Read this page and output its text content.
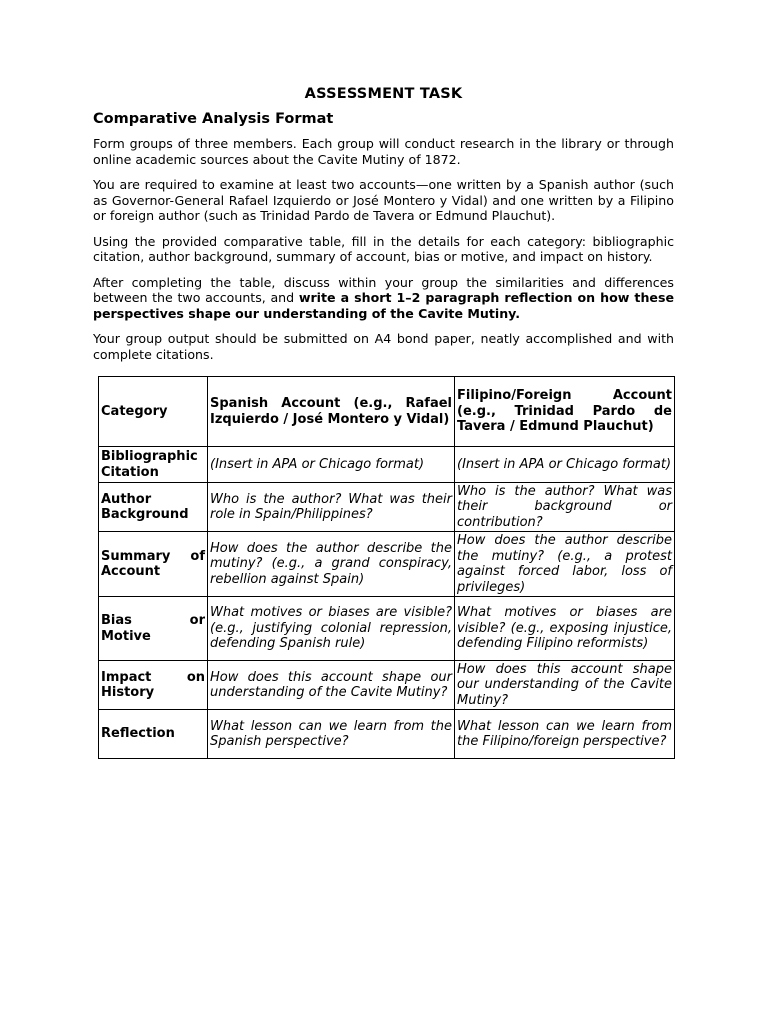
ASSESSMENT TASK
Comparative Analysis Format

Form groups of three members. Each group will conduct research in the library or through online academic sources about the Cavite Mutiny of 1872.

You are required to examine at least two accounts—one written by a Spanish author (such as Governor-General Rafael Izquierdo or José Montero y Vidal) and one written by a Filipino or foreign author (such as Trinidad Pardo de Tavera or Edmund Plauchut).

Using the provided comparative table, fill in the details for each category: bibliographic citation, author background, summary of account, bias or motive, and impact on history.

After completing the table, discuss within your group the similarities and differences between the two accounts, and write a short 1–2 paragraph reflection on how these perspectives shape our understanding of the Cavite Mutiny.

Your group output should be submitted on A4 bond paper, neatly accomplished and with complete citations.

Category	Spanish Account (e.g., Rafael Izquierdo / José Montero y Vidal)	Filipino/Foreign Account (e.g., Trinidad Pardo de Tavera / Edmund Plauchut)
Bibliographic Citation	(Insert in APA or Chicago format)	(Insert in APA or Chicago format)
Author Background	Who is the author? What was their role in Spain/Philippines?	Who is the author? What was their background or contribution?
Summary of Account	How does the author describe the mutiny? (e.g., a grand conspiracy, rebellion against Spain)	How does the author describe the mutiny? (e.g., a protest against forced labor, loss of privileges)
Bias or Motive	What motives or biases are visible? (e.g., justifying colonial repression, defending Spanish rule)	What motives or biases are visible? (e.g., exposing injustice, defending Filipino reformists)
Impact on History	How does this account shape our understanding of the Cavite Mutiny?	How does this account shape our understanding of the Cavite Mutiny?
Reflection	What lesson can we learn from the Spanish perspective?	What lesson can we learn from the Filipino/foreign perspective?
